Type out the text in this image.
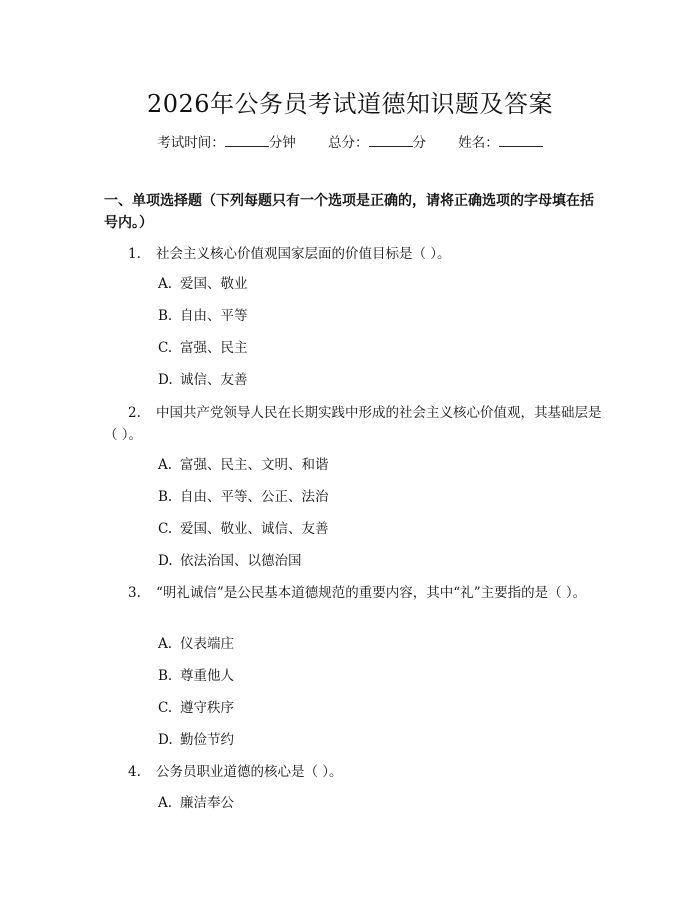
2026年公务员考试道德知识题及答案
考试时间：	分钟 总分：	分 姓名：
一、单项选择题（下列每题只有一个选项是正确的，请将正确选项的字母填在括号内。）
1. 社会主义核心价值观国家层面的价值目标是（ ）。
A. 爱国、敬业
B. 自由、平等
C. 富强、民主
D. 诚信、友善
2. 中国共产党领导人民在长期实践中形成的社会主义核心价值观，其基础层是（ ）。
A. 富强、民主、文明、和谐
B. 自由、平等、公正、法治
C. 爱国、敬业、诚信、友善
D. 依法治国、以德治国
3. “明礼诚信”是公民基本道德规范的重要内容，其中“礼”主要指的是（ ）。
A. 仪表端庄
B. 尊重他人
C. 遵守秩序
D. 勤俭节约
4. 公务员职业道德的核心是（ ）。
A. 廉洁奉公
